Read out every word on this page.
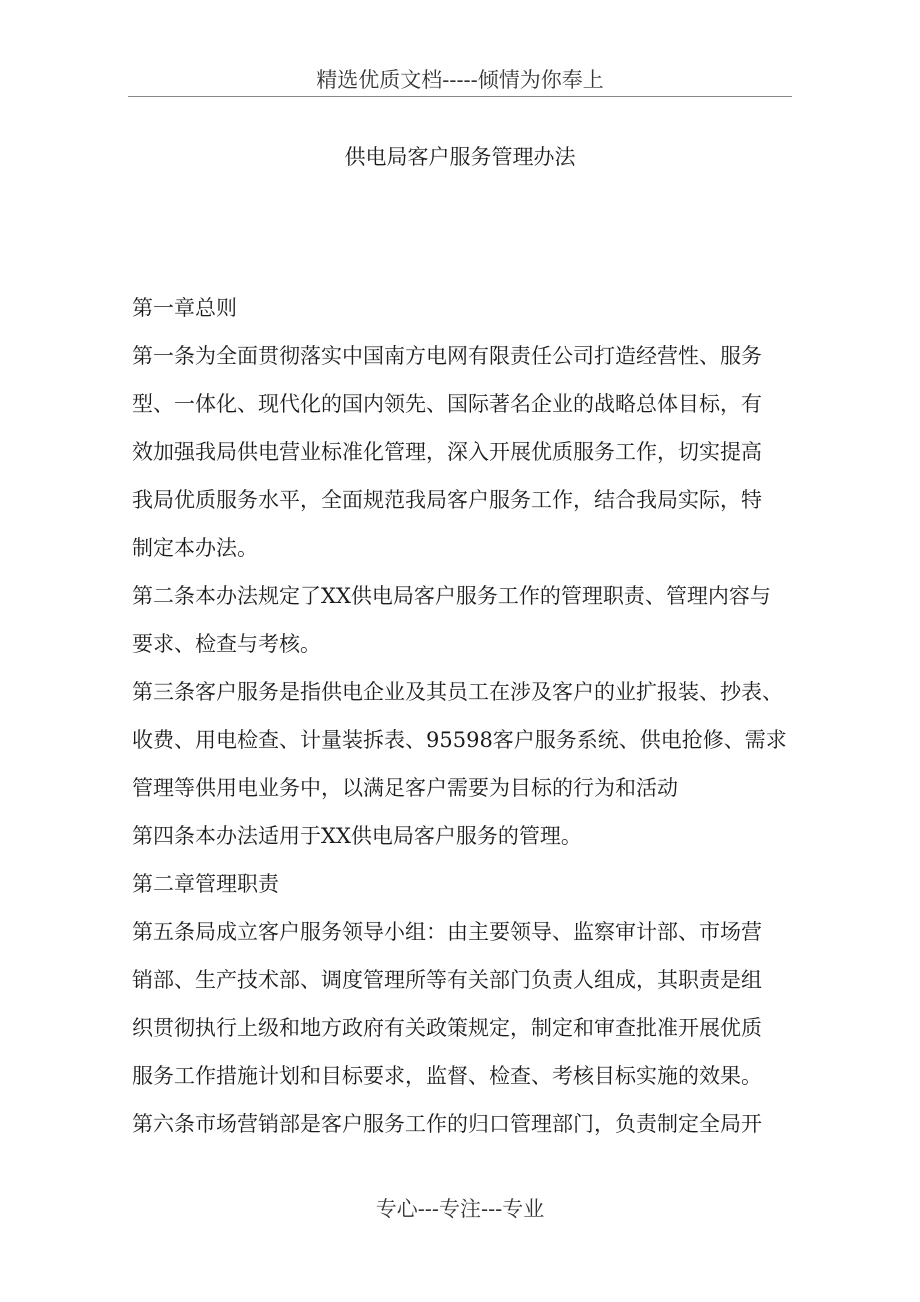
精选优质文档-----倾情为你奉上
供电局客户服务管理办法
第一章总则
第一条为全面贯彻落实中国南方电网有限责任公司打造经营性、服务
型、一体化、现代化的国内领先、国际著名企业的战略总体目标，有
效加强我局供电营业标准化管理，深入开展优质服务工作，切实提高
我局优质服务水平，全面规范我局客户服务工作，结合我局实际，特
制定本办法。
第二条本办法规定了XX供电局客户服务工作的管理职责、管理内容与
要求、检查与考核。
第三条客户服务是指供电企业及其员工在涉及客户的业扩报装、抄表、
收费、用电检查、计量装拆表、95598客户服务系统、供电抢修、需求
管理等供用电业务中，以满足客户需要为目标的行为和活动
第四条本办法适用于XX供电局客户服务的管理。
第二章管理职责
第五条局成立客户服务领导小组：由主要领导、监察审计部、市场营
销部、生产技术部、调度管理所等有关部门负责人组成，其职责是组
织贯彻执行上级和地方政府有关政策规定，制定和审查批准开展优质
服务工作措施计划和目标要求，监督、检查、考核目标实施的效果。
第六条市场营销部是客户服务工作的归口管理部门，负责制定全局开
专心---专注---专业
